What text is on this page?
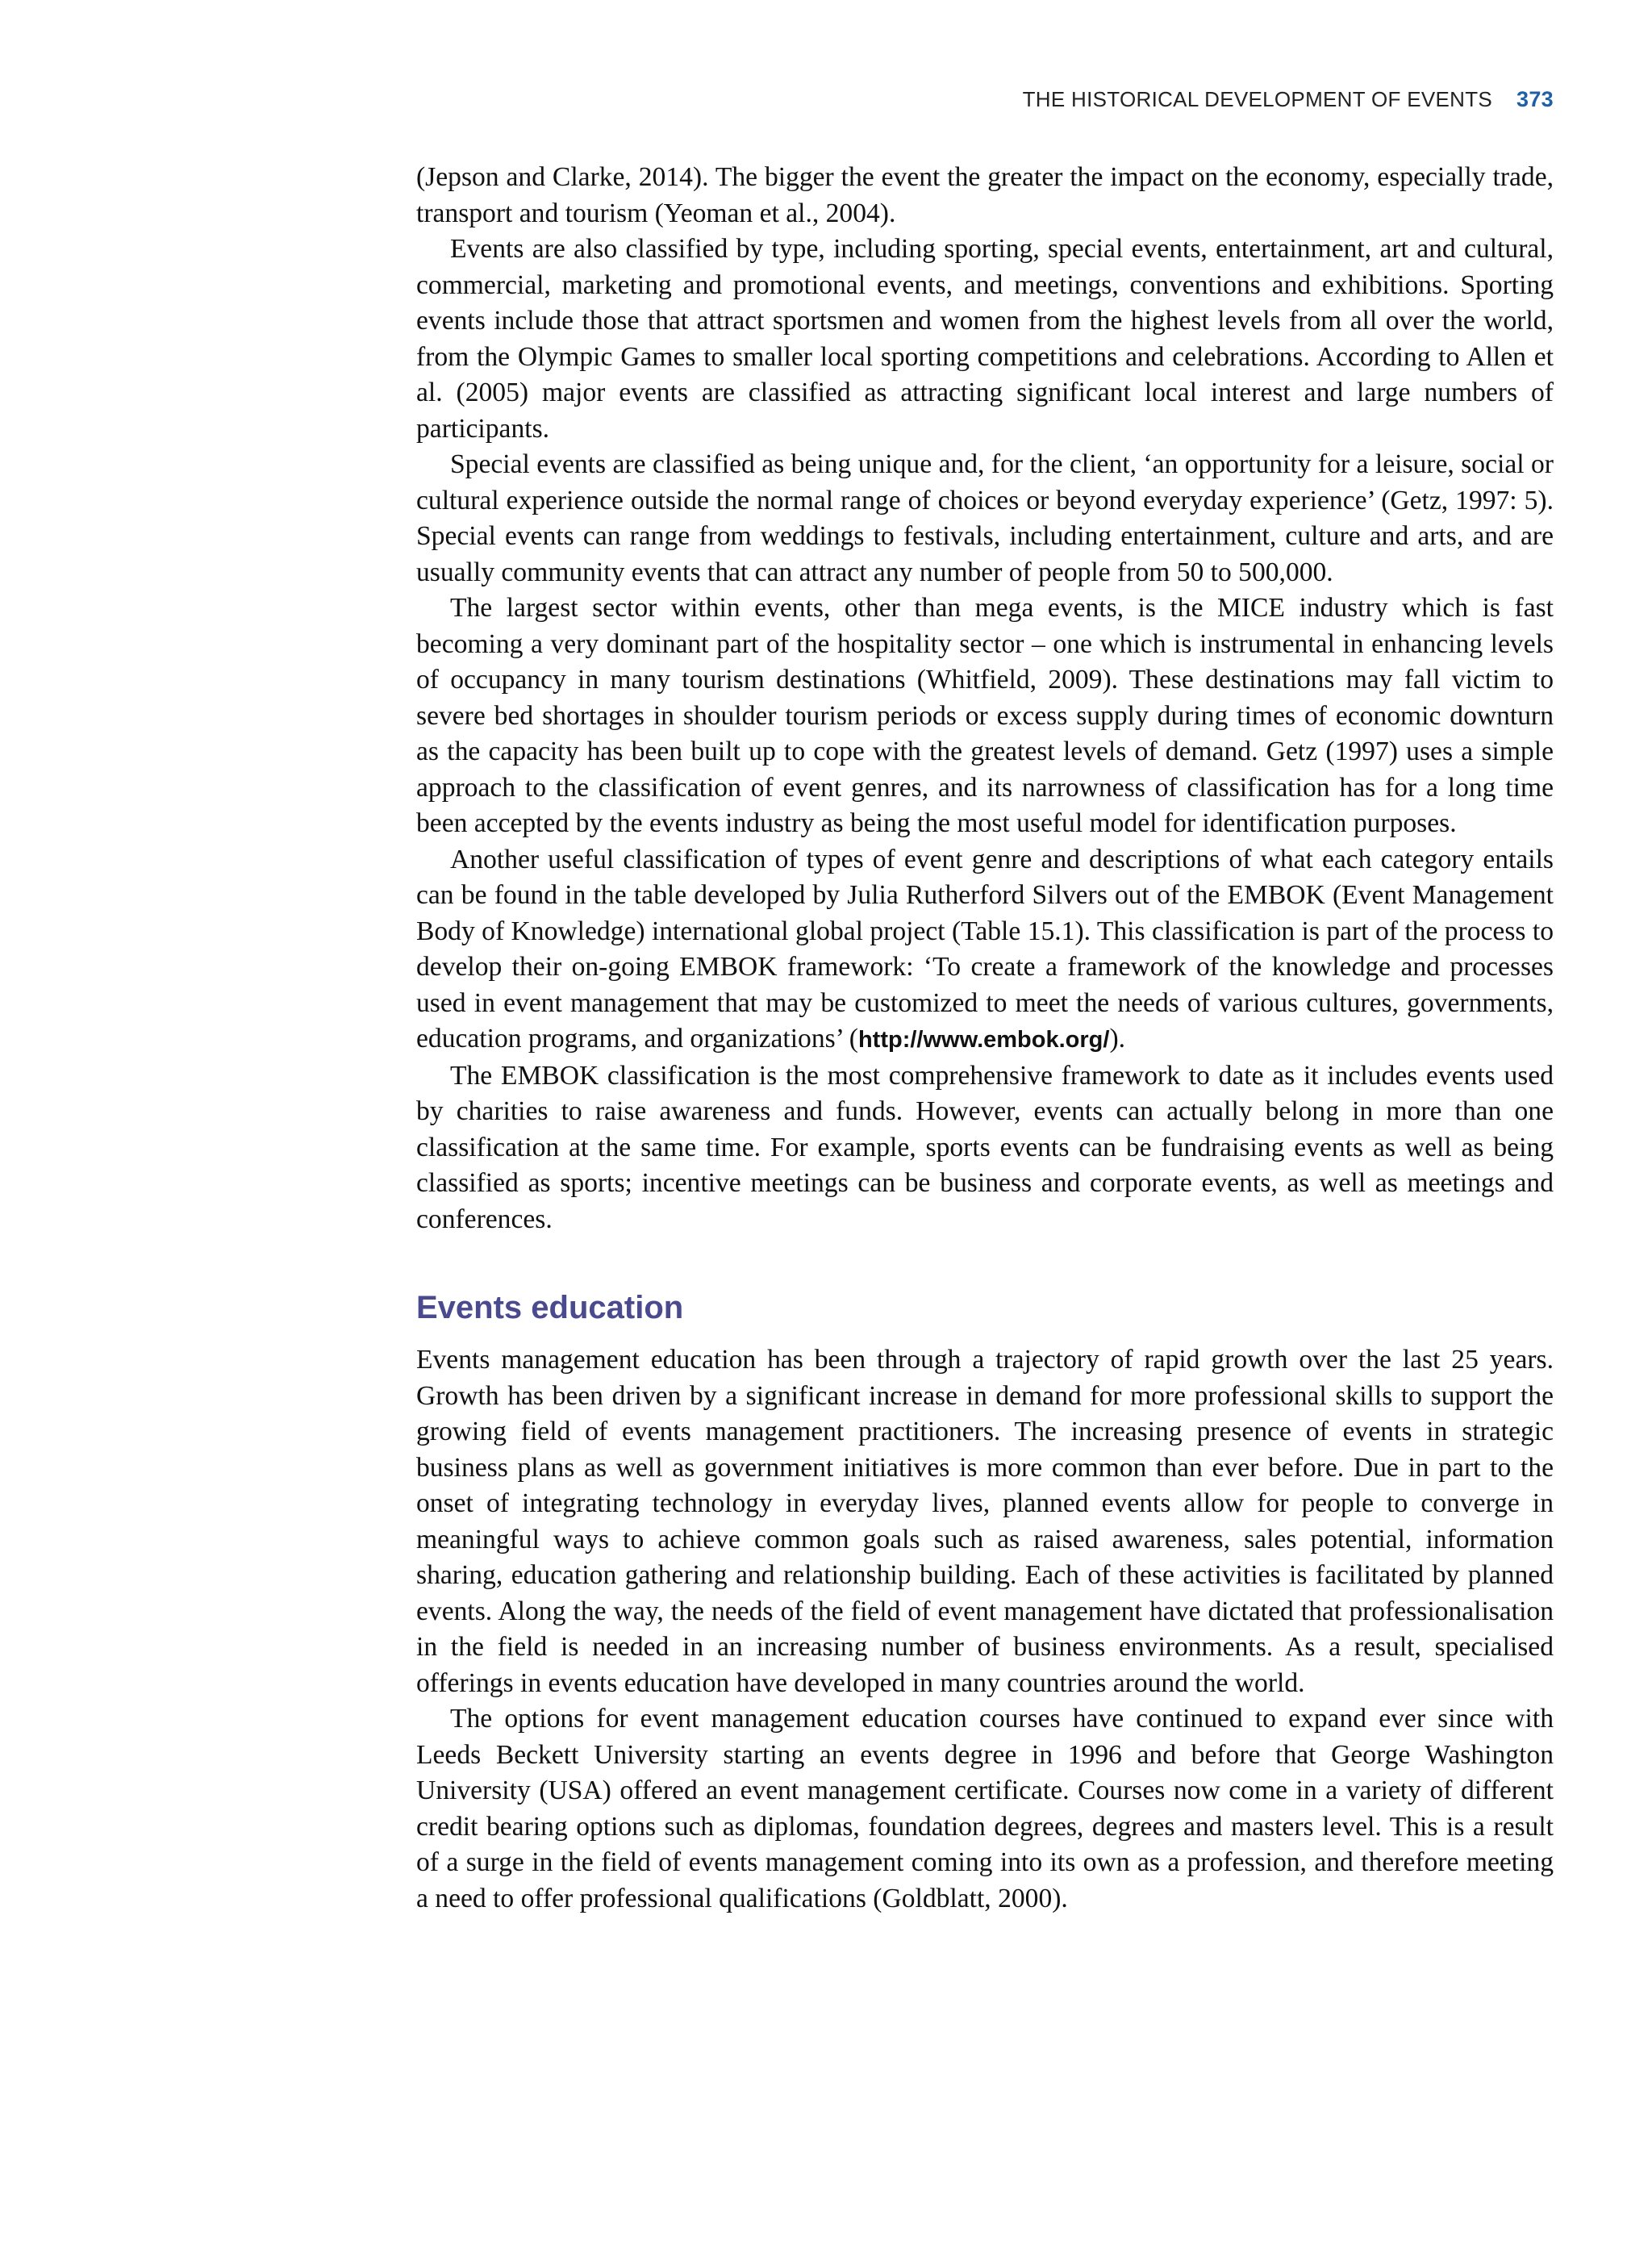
THE HISTORICAL DEVELOPMENT OF EVENTS 373

(Jepson and Clarke, 2014). The bigger the event the greater the impact on the economy, especially trade, transport and tourism (Yeoman et al., 2004).

Events are also classified by type, including sporting, special events, entertainment, art and cultural, commercial, marketing and promotional events, and meetings, conventions and exhibitions. Sporting events include those that attract sportsmen and women from the highest levels from all over the world, from the Olympic Games to smaller local sporting competitions and celebrations. According to Allen et al. (2005) major events are classified as attracting significant local interest and large numbers of participants.

Special events are classified as being unique and, for the client, ‘an opportunity for a leisure, social or cultural experience outside the normal range of choices or beyond everyday experience’ (Getz, 1997: 5). Special events can range from weddings to festivals, including entertainment, culture and arts, and are usually community events that can attract any number of people from 50 to 500,000.

The largest sector within events, other than mega events, is the MICE industry which is fast becoming a very dominant part of the hospitality sector – one which is instrumental in enhancing levels of occupancy in many tourism destinations (Whitfield, 2009). These destinations may fall victim to severe bed shortages in shoulder tourism periods or excess supply during times of economic downturn as the capacity has been built up to cope with the greatest levels of demand. Getz (1997) uses a simple approach to the classification of event genres, and its narrowness of classification has for a long time been accepted by the events industry as being the most useful model for identification purposes.

Another useful classification of types of event genre and descriptions of what each category entails can be found in the table developed by Julia Rutherford Silvers out of the EMBOK (Event Management Body of Knowledge) international global project (Table 15.1). This classification is part of the process to develop their on-going EMBOK framework: ‘To create a framework of the knowledge and processes used in event management that may be customized to meet the needs of various cultures, governments, education programs, and organizations’ (http://www.embok.org/).

The EMBOK classification is the most comprehensive framework to date as it includes events used by charities to raise awareness and funds. However, events can actually belong in more than one classification at the same time. For example, sports events can be fundraising events as well as being classified as sports; incentive meetings can be business and corporate events, as well as meetings and conferences.

Events education

Events management education has been through a trajectory of rapid growth over the last 25 years. Growth has been driven by a significant increase in demand for more professional skills to support the growing field of events management practitioners. The increasing presence of events in strategic business plans as well as government initiatives is more common than ever before. Due in part to the onset of integrating technology in everyday lives, planned events allow for people to converge in meaningful ways to achieve common goals such as raised awareness, sales potential, information sharing, education gathering and relationship building. Each of these activities is facilitated by planned events. Along the way, the needs of the field of event management have dictated that professionalisation in the field is needed in an increasing number of business environments. As a result, specialised offerings in events education have developed in many countries around the world.

The options for event management education courses have continued to expand ever since with Leeds Beckett University starting an events degree in 1996 and before that George Washington University (USA) offered an event management certificate. Courses now come in a variety of different credit bearing options such as diplomas, foundation degrees, degrees and masters level. This is a result of a surge in the field of events management coming into its own as a profession, and therefore meeting a need to offer professional qualifications (Goldblatt, 2000).
